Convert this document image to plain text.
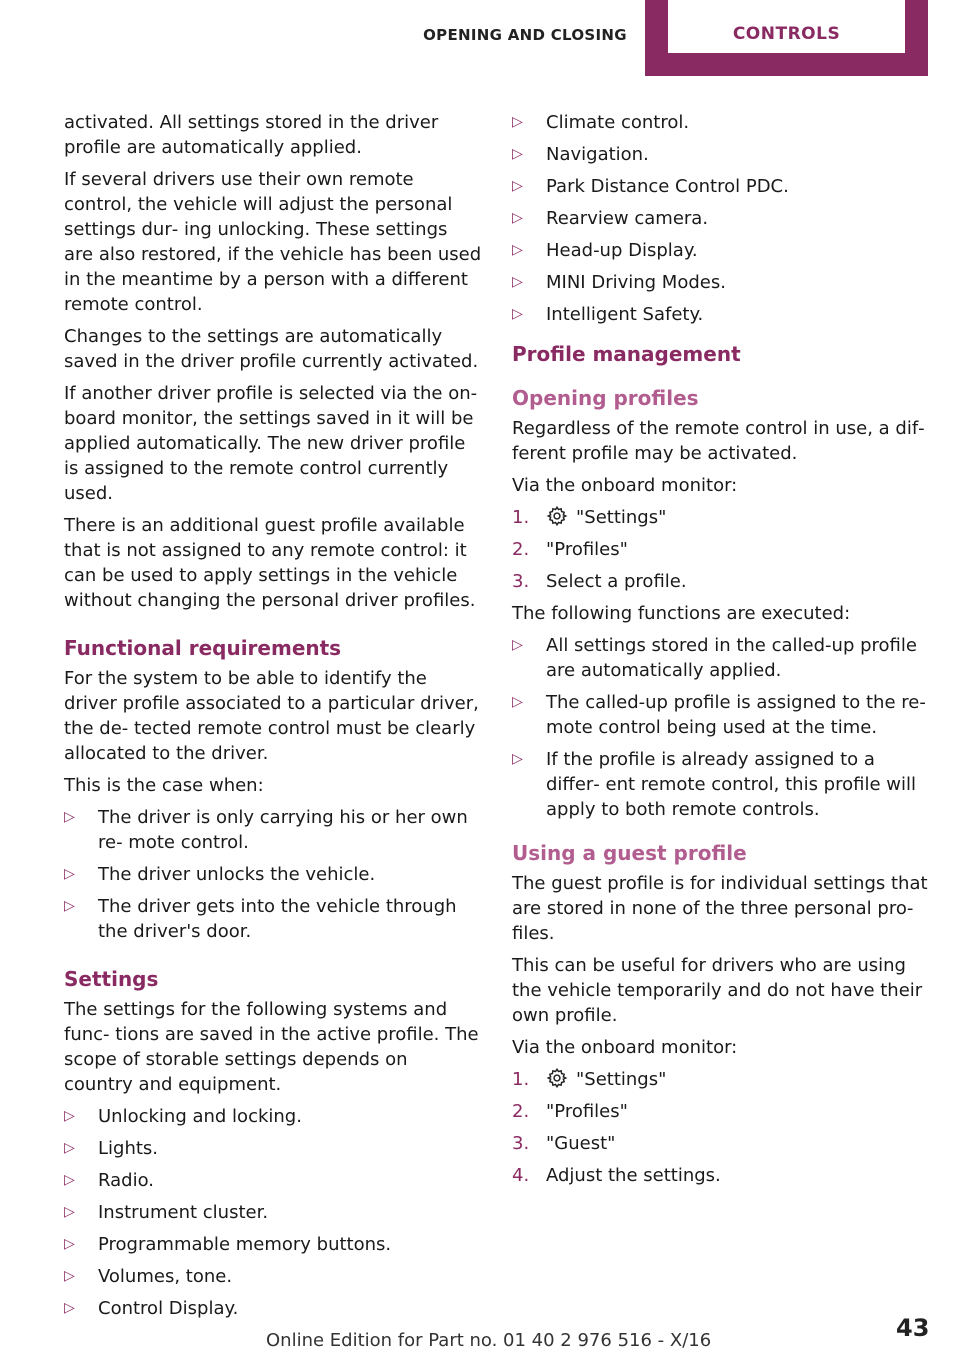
OPENING AND CLOSING	CONTROLS

activated. All settings stored in the driver profile are automatically applied.

If several drivers use their own remote control, the vehicle will adjust the personal settings dur‐ ing unlocking. These settings are also restored, if the vehicle has been used in the meantime by a person with a different remote control.

Changes to the settings are automatically saved in the driver profile currently activated.

If another driver profile is selected via the on‐ board monitor, the settings saved in it will be applied automatically. The new driver profile is assigned to the remote control currently used.

There is an additional guest profile available that is not assigned to any remote control: it can be used to apply settings in the vehicle without changing the personal driver profiles.

Functional requirements

For the system to be able to identify the driver profile associated to a particular driver, the de‐ tected remote control must be clearly allocated to the driver.

This is the case when:

▷ The driver is only carrying his or her own re‐ mote control.
▷ The driver unlocks the vehicle.
▷ The driver gets into the vehicle through the driver's door.
Settings

The settings for the following systems and func‐ tions are saved in the active profile. The scope of storable settings depends on country and equipment.

▷ Unlocking and locking.
▷ Lights.
▷ Radio.
▷ Instrument cluster.
▷ Programmable memory buttons.
▷ Volumes, tone.
▷ Control Display.
▷ Climate control.
▷ Navigation.
▷ Park Distance Control PDC.
▷ Rearview camera.
▷ Head-up Display.
▷ MINI Driving Modes.
▷ Intelligent Safety.
Profile management
Opening profiles

Regardless of the remote control in use, a dif‐ ferent profile may be activated.

Via the onboard monitor:

1.	"Settings"
2. "Profiles"
3. Select a profile.

The following functions are executed:

▷ All settings stored in the called-up profile are automatically applied.
▷ The called-up profile is assigned to the re‐ mote control being used at the time.
▷ If the profile is already assigned to a differ‐ ent remote control, this profile will apply to both remote controls.
Using a guest profile

The guest profile is for individual settings that are stored in none of the three personal pro‐ files.

This can be useful for drivers who are using the vehicle temporarily and do not have their own profile.

Via the onboard monitor:

1.	"Settings"
2. "Profiles"
3. "Guest"
4. Adjust the settings.
Online Edition for Part no. 01 40 2 976 516 - X/16	43
